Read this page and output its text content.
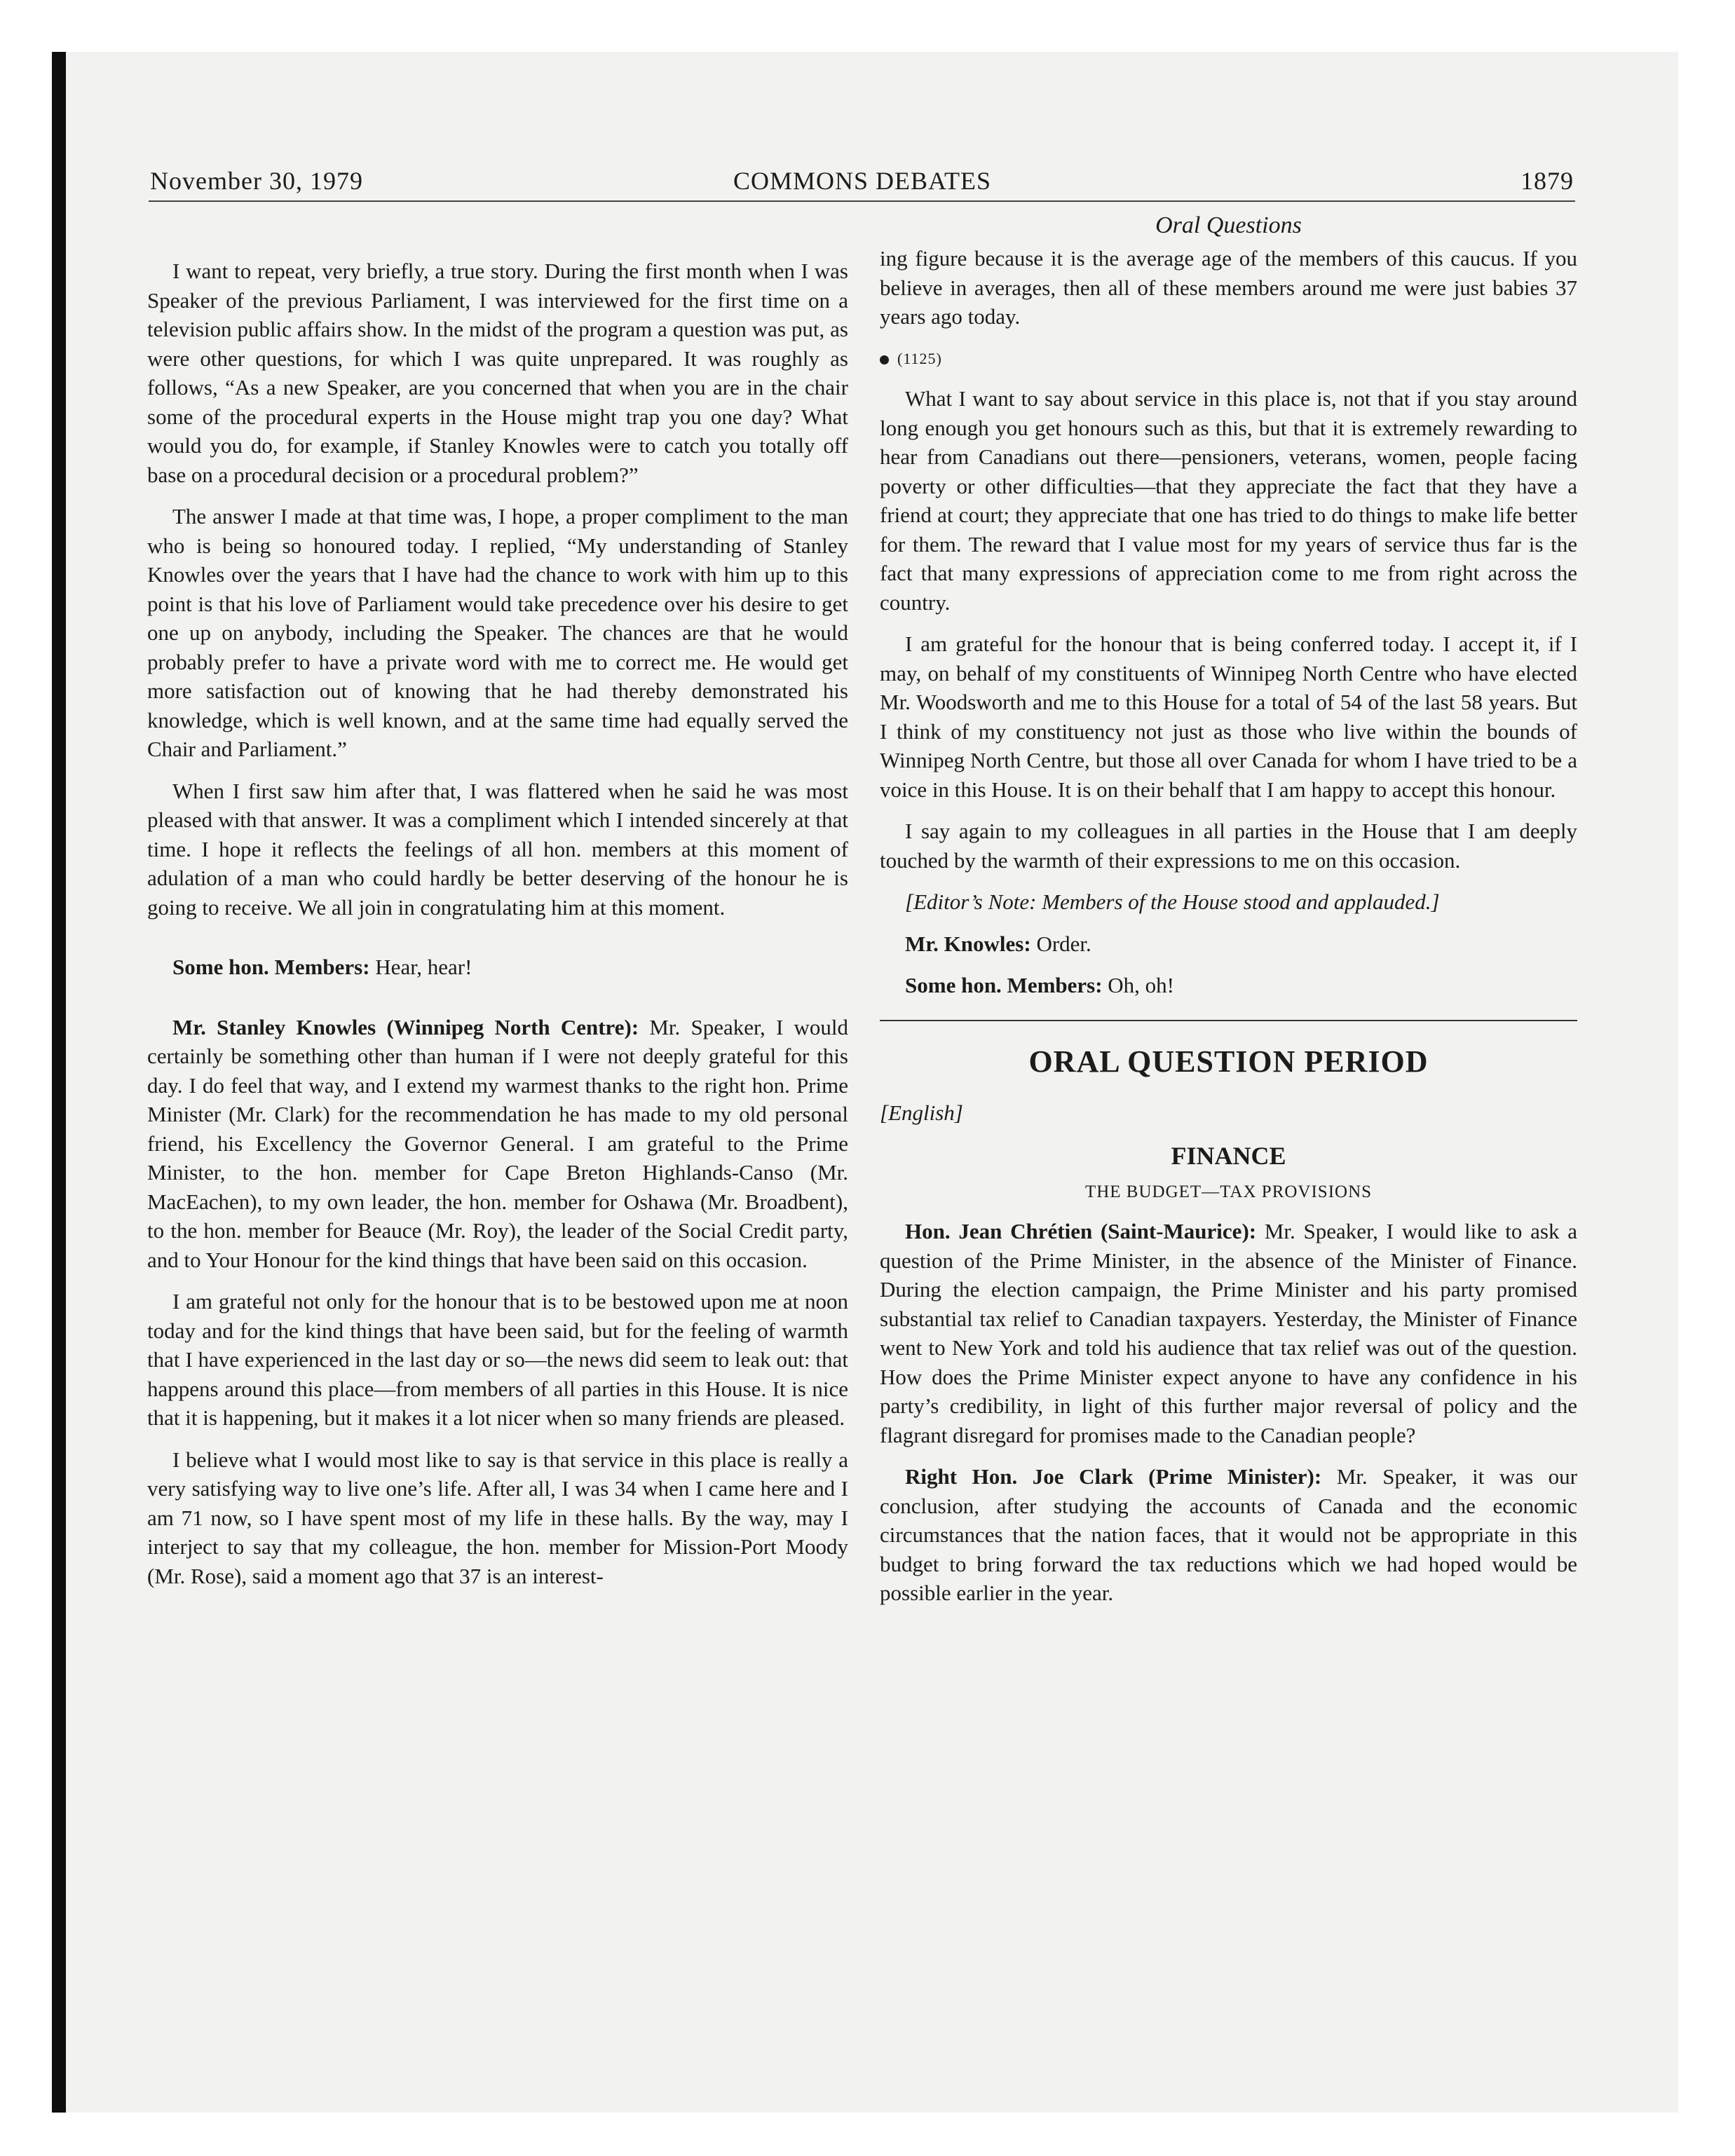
November 30, 1979	COMMONS DEBATES	1879

I want to repeat, very briefly, a true story. During the first month when I was Speaker of the previous Parliament, I was interviewed for the first time on a television public affairs show. In the midst of the program a question was put, as were other questions, for which I was quite unprepared. It was roughly as follows, “As a new Speaker, are you concerned that when you are in the chair some of the procedural experts in the House might trap you one day? What would you do, for example, if Stanley Knowles were to catch you totally off base on a procedural decision or a procedural problem?”

The answer I made at that time was, I hope, a proper compliment to the man who is being so honoured today. I replied, “My understanding of Stanley Knowles over the years that I have had the chance to work with him up to this point is that his love of Parliament would take precedence over his desire to get one up on anybody, including the Speaker. The chances are that he would probably prefer to have a private word with me to correct me. He would get more satisfaction out of knowing that he had thereby demonstrated his knowledge, which is well known, and at the same time had equally served the Chair and Parliament.”

When I first saw him after that, I was flattered when he said he was most pleased with that answer. It was a compliment which I intended sincerely at that time. I hope it reflects the feelings of all hon. members at this moment of adulation of a man who could hardly be better deserving of the honour he is going to receive. We all join in congratulating him at this moment.

Some hon. Members: Hear, hear!

Mr. Stanley Knowles (Winnipeg North Centre): Mr. Speaker, I would certainly be something other than human if I were not deeply grateful for this day. I do feel that way, and I extend my warmest thanks to the right hon. Prime Minister (Mr. Clark) for the recommendation he has made to my old personal friend, his Excellency the Governor General. I am grateful to the Prime Minister, to the hon. member for Cape Breton Highlands-Canso (Mr. MacEachen), to my own leader, the hon. member for Oshawa (Mr. Broadbent), to the hon. member for Beauce (Mr. Roy), the leader of the Social Credit party, and to Your Honour for the kind things that have been said on this occasion.

I am grateful not only for the honour that is to be bestowed upon me at noon today and for the kind things that have been said, but for the feeling of warmth that I have experienced in the last day or so—the news did seem to leak out: that happens around this place—from members of all parties in this House. It is nice that it is happening, but it makes it a lot nicer when so many friends are pleased.

I believe what I would most like to say is that service in this place is really a very satisfying way to live one’s life. After all, I was 34 when I came here and I am 71 now, so I have spent most of my life in these halls. By the way, may I interject to say that my colleague, the hon. member for Mission-Port Moody (Mr. Rose), said a moment ago that 37 is an interest-

Oral Questions

ing figure because it is the average age of the members of this caucus. If you believe in averages, then all of these members around me were just babies 37 years ago today.

(1125)

What I want to say about service in this place is, not that if you stay around long enough you get honours such as this, but that it is extremely rewarding to hear from Canadians out there—pensioners, veterans, women, people facing poverty or other difficulties—that they appreciate the fact that they have a friend at court; they appreciate that one has tried to do things to make life better for them. The reward that I value most for my years of service thus far is the fact that many expressions of appreciation come to me from right across the country.

I am grateful for the honour that is being conferred today. I accept it, if I may, on behalf of my constituents of Winnipeg North Centre who have elected Mr. Woodsworth and me to this House for a total of 54 of the last 58 years. But I think of my constituency not just as those who live within the bounds of Winnipeg North Centre, but those all over Canada for whom I have tried to be a voice in this House. It is on their behalf that I am happy to accept this honour.

I say again to my colleagues in all parties in the House that I am deeply touched by the warmth of their expressions to me on this occasion.

[Editor’s Note: Members of the House stood and applauded.]

Mr. Knowles: Order.

Some hon. Members: Oh, oh!

ORAL QUESTION PERIOD

[English]

FINANCE
THE BUDGET—TAX PROVISIONS

Hon. Jean Chrétien (Saint-Maurice): Mr. Speaker, I would like to ask a question of the Prime Minister, in the absence of the Minister of Finance. During the election campaign, the Prime Minister and his party promised substantial tax relief to Canadian taxpayers. Yesterday, the Minister of Finance went to New York and told his audience that tax relief was out of the question. How does the Prime Minister expect anyone to have any confidence in his party’s credibility, in light of this further major reversal of policy and the flagrant disregard for promises made to the Canadian people?

Right Hon. Joe Clark (Prime Minister): Mr. Speaker, it was our conclusion, after studying the accounts of Canada and the economic circumstances that the nation faces, that it would not be appropriate in this budget to bring forward the tax reductions which we had hoped would be possible earlier in the year.
